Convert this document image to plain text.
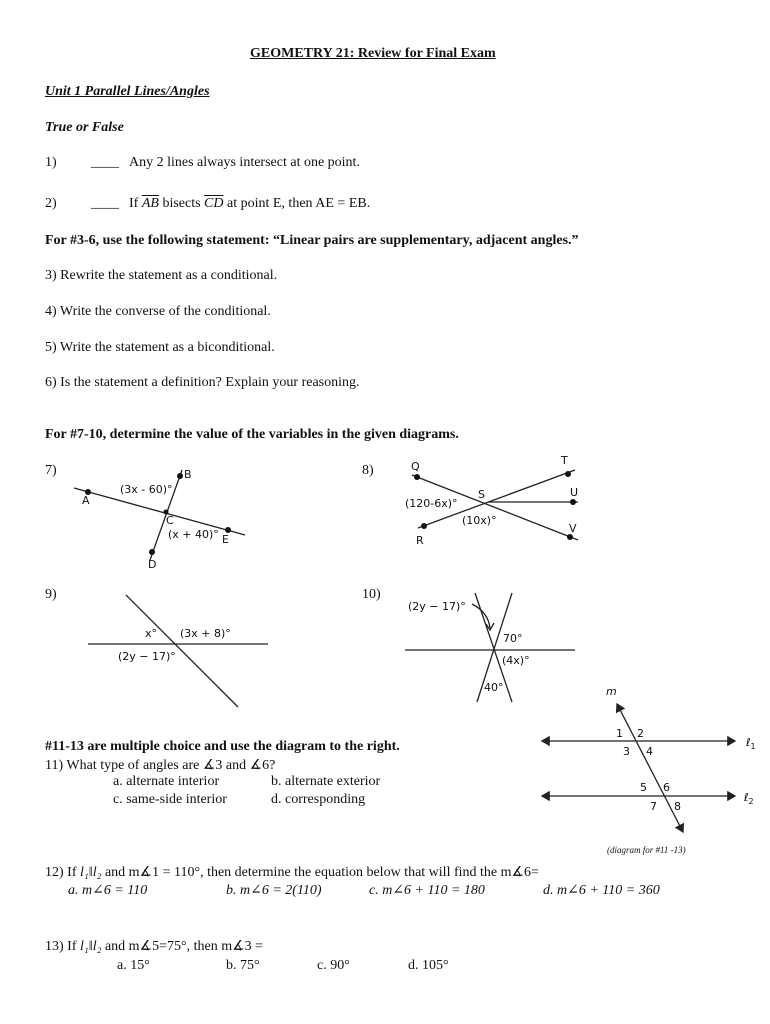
GEOMETRY 21: Review for Final Exam
Unit 1 Parallel Lines/Angles
True or False
1) ____ Any 2 lines always intersect at one point.
2) ____ If $\overline{AB}$ bisects $\overline{CD}$ at point E, then AE = EB.
For #3-6, use the following statement: “Linear pairs are supplementary, adjacent angles.”
3) Rewrite the statement as a conditional.
4) Write the converse of the conditional.
5) Write the statement as a biconditional.
6) Is the statement a definition? Explain your reasoning.
For #7-10, determine the value of the variables in the given diagrams.
7)	8)
9)	10)
A
B
C
E
D
(3x - 60)°
(x + 40)°
Q	T
S	U
R
V
(120-6x)°
(10x)°
x° (3x + 8)°
(2y − 17)°
(2y − 17)°
70°
(4x)°
40°
#11-13 are multiple choice and use the diagram to the right.
11) What type of angles are ∡3 and ∡6?
a. alternate interior	b. alternate exterior
c. same-side interior	d. corresponding
m
ℓ$_1$
ℓ$_2$
1 2
3 4
5 6
7 8
(diagram for #11 -13)
12) If l₁‖l₂ and m∡1 = 110°, then determine the equation below that will find the m∡6=
a. m∠6 = 110	b. m∠6 = 2(110)	c. m∠6 + 110 = 180	d. m∠6 + 110 = 360
13) If l₁‖l₂ and m∡5=75°, then m∡3 =
a. 15°	b. 75°	c. 90°	d. 105°
